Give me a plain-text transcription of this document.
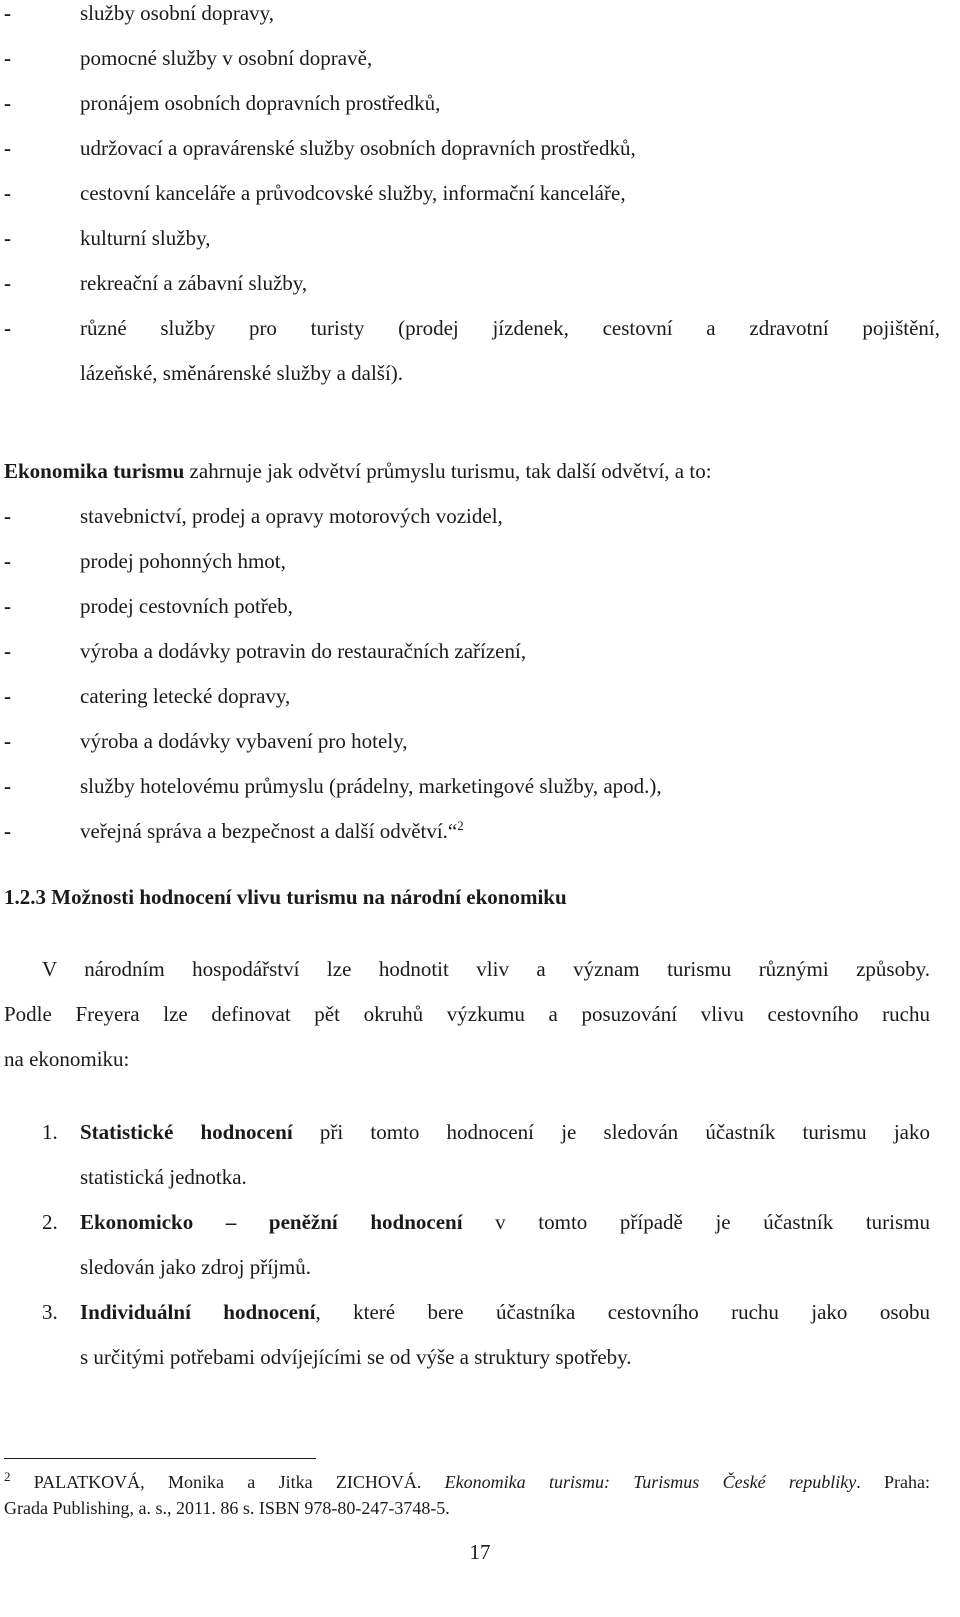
-	služby osobní dopravy,
-	pomocné služby v osobní dopravě,
-	pronájem osobních dopravních prostředků,
-	udržovací a opravárenské služby osobních dopravních prostředků,
-	cestovní kanceláře a průvodcovské služby, informační kanceláře,
-	kulturní služby,
-	rekreační a zábavní služby,
-	různé služby pro turisty (prodej jízdenek, cestovní a zdravotní pojištění,
lázeňské, směnárenské služby a další).
Ekonomika turismu zahrnuje jak odvětví průmyslu turismu, tak další odvětví, a to:
-	stavebnictví, prodej a opravy motorových vozidel,
-	prodej pohonných hmot,
-	prodej cestovních potřeb,
-	výroba a dodávky potravin do restauračních zařízení,
-	catering letecké dopravy,
-	výroba a dodávky vybavení pro hotely,
-	služby hotelovému průmyslu (prádelny, marketingové služby, apod.),
-	veřejná správa a bezpečnost a další odvětví.“$^2$
1.2.3 Možnosti hodnocení vlivu turismu na národní ekonomiku
V národním hospodářství lze hodnotit vliv a význam turismu různými způsoby.
Podle Freyera lze definovat pět okruhů výzkumu a posuzování vlivu cestovního ruchu
na ekonomiku:
1. Statistické hodnocení při tomto hodnocení je sledován účastník turismu jako
statistická jednotka.
2. Ekonomicko – peněžní hodnocení v tomto případě je účastník turismu
sledován jako zdroj příjmů.
3. Individuální hodnocení, které bere účastníka cestovního ruchu jako osobu
s určitými potřebami odvíjejícími se od výše a struktury spotřeby.
$^2$ PALATKOVÁ, Monika a Jitka ZICHOVÁ. Ekonomika turismu: Turismus České republiky. Praha:
Grada Publishing, a. s., 2011. 86 s. ISBN 978-80-247-3748-5.
17
